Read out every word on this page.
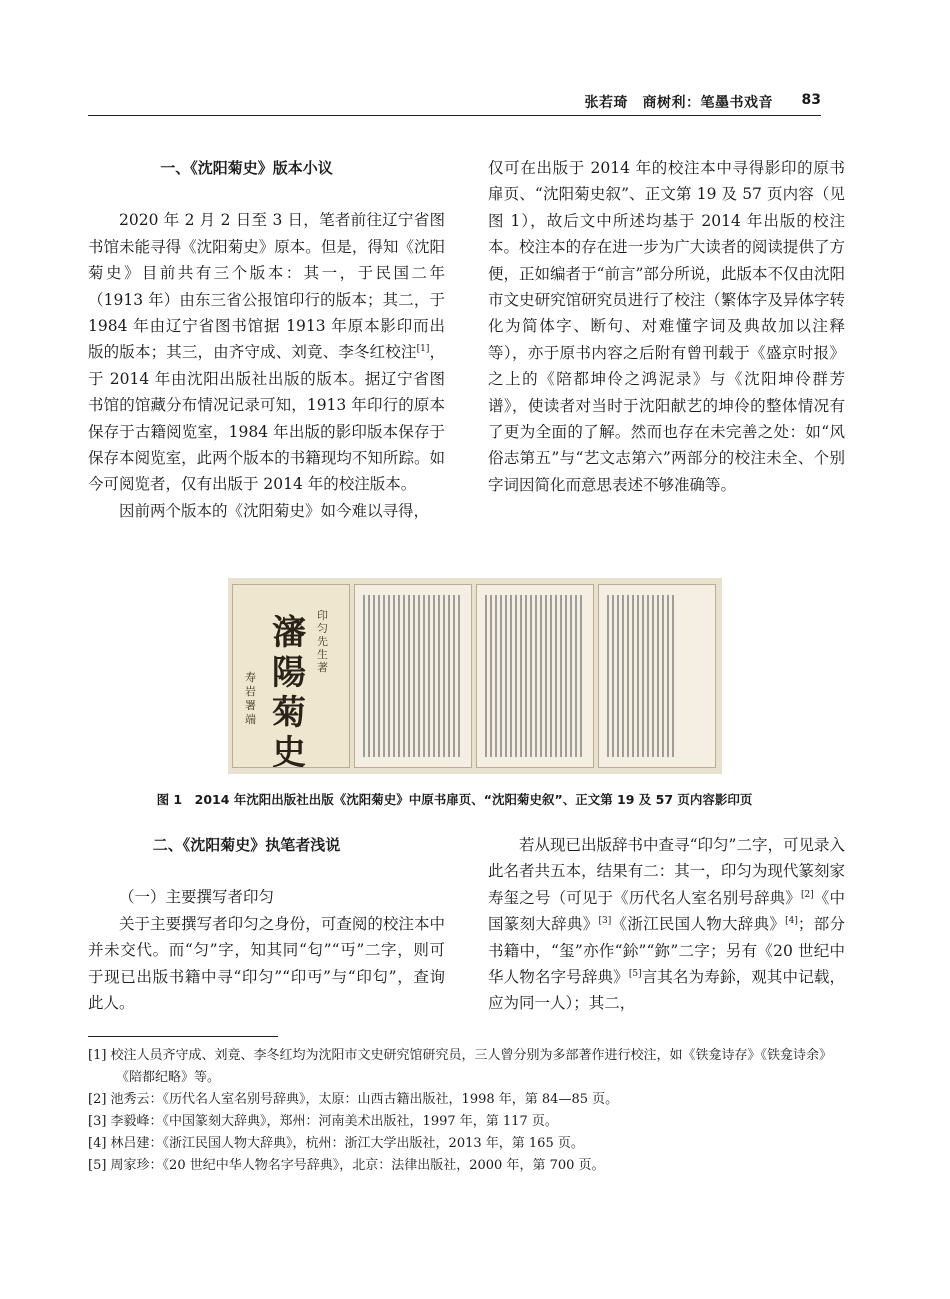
张若琦　商树利：笔墨书戏音 83
一、《沈阳菊史》版本小议
2020 年 2 月 2 日至 3 日，笔者前往辽宁省图书馆未能寻得《沈阳菊史》原本。但是，得知《沈阳菊史》目前共有三个版本：其一，于民国二年（1913 年）由东三省公报馆印行的版本；其二，于 1984 年由辽宁省图书馆据 1913 年原本影印而出版的版本；其三，由齐守成、刘竟、李冬红校注[1]，于 2014 年由沈阳出版社出版的版本。据辽宁省图书馆的馆藏分布情况记录可知，1913 年印行的原本保存于古籍阅览室，1984 年出版的影印版本保存于保存本阅览室，此两个版本的书籍现均不知所踪。如今可阅览者，仅有出版于 2014 年的校注版本。
因前两个版本的《沈阳菊史》如今难以寻得，
仅可在出版于 2014 年的校注本中寻得影印的原书扉页、“沈阳菊史叙”、正文第 19 及 57 页内容（见图 1），故后文中所述均基于 2014 年出版的校注本。校注本的存在进一步为广大读者的阅读提供了方便，正如编者于“前言”部分所说，此版本不仅由沈阳市文史研究馆研究员进行了校注（繁体字及异体字转化为简体字、断句、对难懂字词及典故加以注释等），亦于原书内容之后附有曾刊载于《盛京时报》之上的《陪都坤伶之鸿泥录》与《沈阳坤伶群芳谱》，使读者对当时于沈阳献艺的坤伶的整体情况有了更为全面的了解。然而也存在未完善之处：如“风俗志第五”与“艺文志第六”两部分的校注未全、个别字词因简化而意思表述不够准确等。
瀋陽菊史
印匀先生著
寿岩署端
图 1　2014 年沈阳出版社出版《沈阳菊史》中原书扉页、“沈阳菊史叙”、正文第 19 及 57 页内容影印页
二、《沈阳菊史》执笔者浅说
（一）主要撰写者印匀
关于主要撰写者印匀之身份，可查阅的校注本中并未交代。而“匀”字，知其同“匂”“丏”二字，则可于现已出版书籍中寻“印匀”“印丏”与“印匂”，查询此人。
若从现已出版辞书中查寻“印匀”二字，可见录入此名者共五本，结果有二：其一，印匀为现代篆刻家寿玺之号（可见于《历代名人室名别号辞典》[2]《中国篆刻大辞典》[3]《浙江民国人物大辞典》[4]；部分书籍中，“玺”亦作“鉩”“鉨”二字；另有《20 世纪中华人物名字号辞典》[5]言其名为寿鉩，观其中记载，应为同一人）；其二，
[1] 校注人员齐守成、刘竟、李冬红均为沈阳市文史研究馆研究员，三人曾分别为多部著作进行校注，如《铁龛诗存》《铁龛诗余》《陪都纪略》等。
[2] 池秀云：《历代名人室名别号辞典》，太原：山西古籍出版社，1998 年，第 84—85 页。
[3] 李毅峰：《中国篆刻大辞典》，郑州：河南美术出版社，1997 年，第 117 页。
[4] 林吕建：《浙江民国人物大辞典》，杭州：浙江大学出版社，2013 年，第 165 页。
[5] 周家珍：《20 世纪中华人物名字号辞典》，北京：法律出版社，2000 年，第 700 页。
